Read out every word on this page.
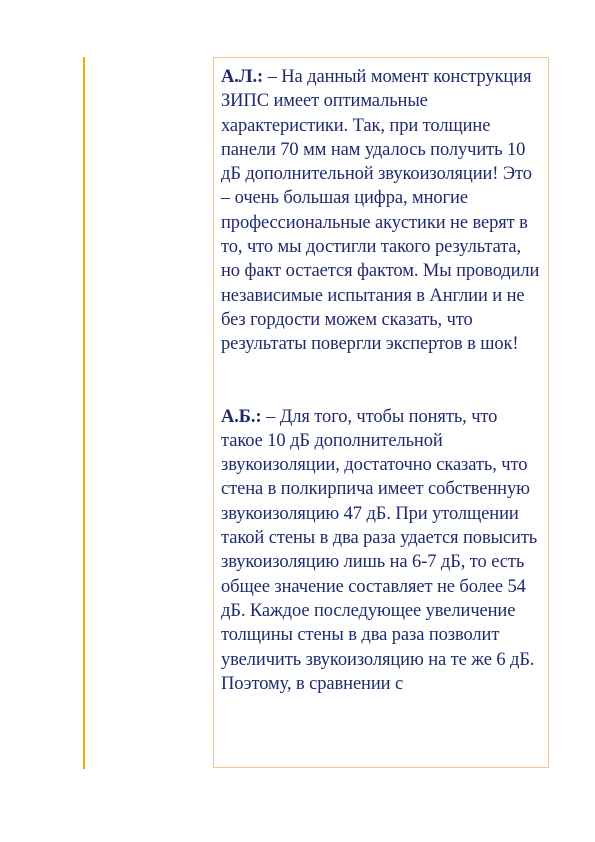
А.Л.: – На данный момент конструкция ЗИПС имеет оптимальные характеристики. Так, при толщине панели 70 мм нам удалось получить 10 дБ дополнительной звукоизоляции! Это – очень большая цифра, многие профессиональные акустики не верят в то, что мы достигли такого результата, но факт остается фактом. Мы проводили независимые испытания в Англии и не без гордости можем сказать, что результаты повергли экспертов в шок!

А.Б.: – Для того, чтобы понять, что такое 10 дБ дополнительной звукоизоляции, достаточно сказать, что стена в полкирпича имеет собственную звукоизоляцию 47 дБ. При утолщении такой стены в два раза удается повысить звукоизоляцию лишь на 6-7 дБ, то есть общее значение составляет не более 54 дБ. Каждое последующее увеличение толщины стены в два раза позволит увеличить звукоизоляцию на те же 6 дБ. Поэтому, в сравнении с
